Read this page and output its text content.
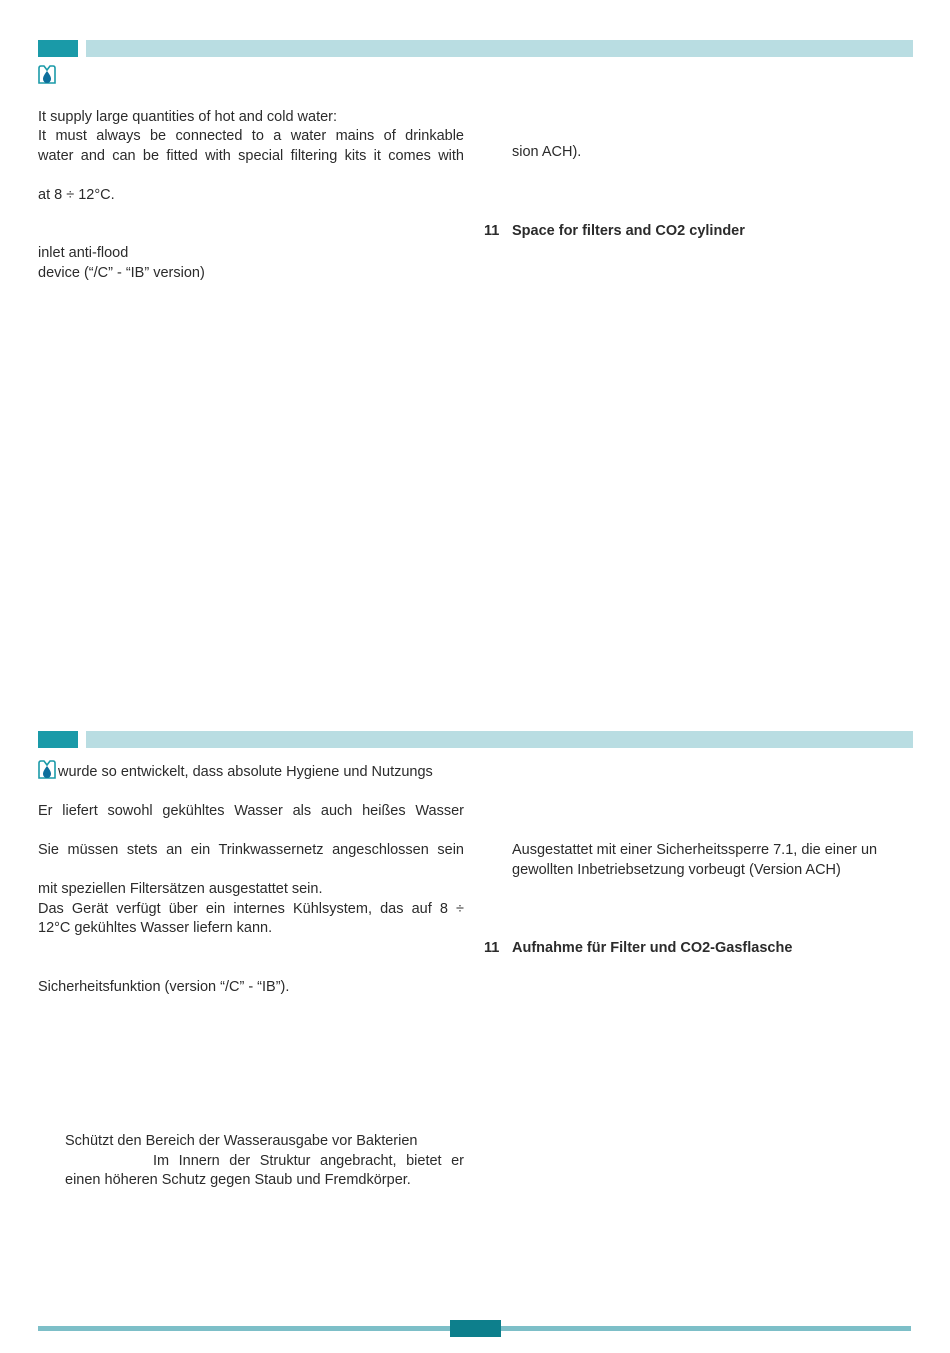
It supply large quantities of hot and cold water:
It must always be connected to a water mains of drinkable
water and can be fitted with special filtering kits it comes with
at 8 ÷ 12°C.
inlet anti-flood
device (“/C” - “IB” version)
sion ACH).
11 Space for filters and CO2 cylinder
wurde so entwickelt, dass absolute Hygiene und Nutzungs
Er liefert sowohl gekühltes Wasser als auch heißes Wasser
Sie müssen stets an ein Trinkwassernetz angeschlossen sein
mit speziellen Filtersätzen ausgestattet sein.
Das Gerät verfügt über ein internes Kühlsystem, das auf 8 ÷
12°C gekühltes Wasser liefern kann.
Sicherheitsfunktion (version “/C” - “IB”).
Schützt den Bereich der Wasserausgabe vor Bakterien
Im Innern der Struktur angebracht, bietet er
einen höheren Schutz gegen Staub und Fremdkörper.
Ausgestattet mit einer Sicherheitssperre 7.1, die einer un
gewollten Inbetriebsetzung vorbeugt (Version ACH)
11 Aufnahme für Filter und CO2-Gasflasche
